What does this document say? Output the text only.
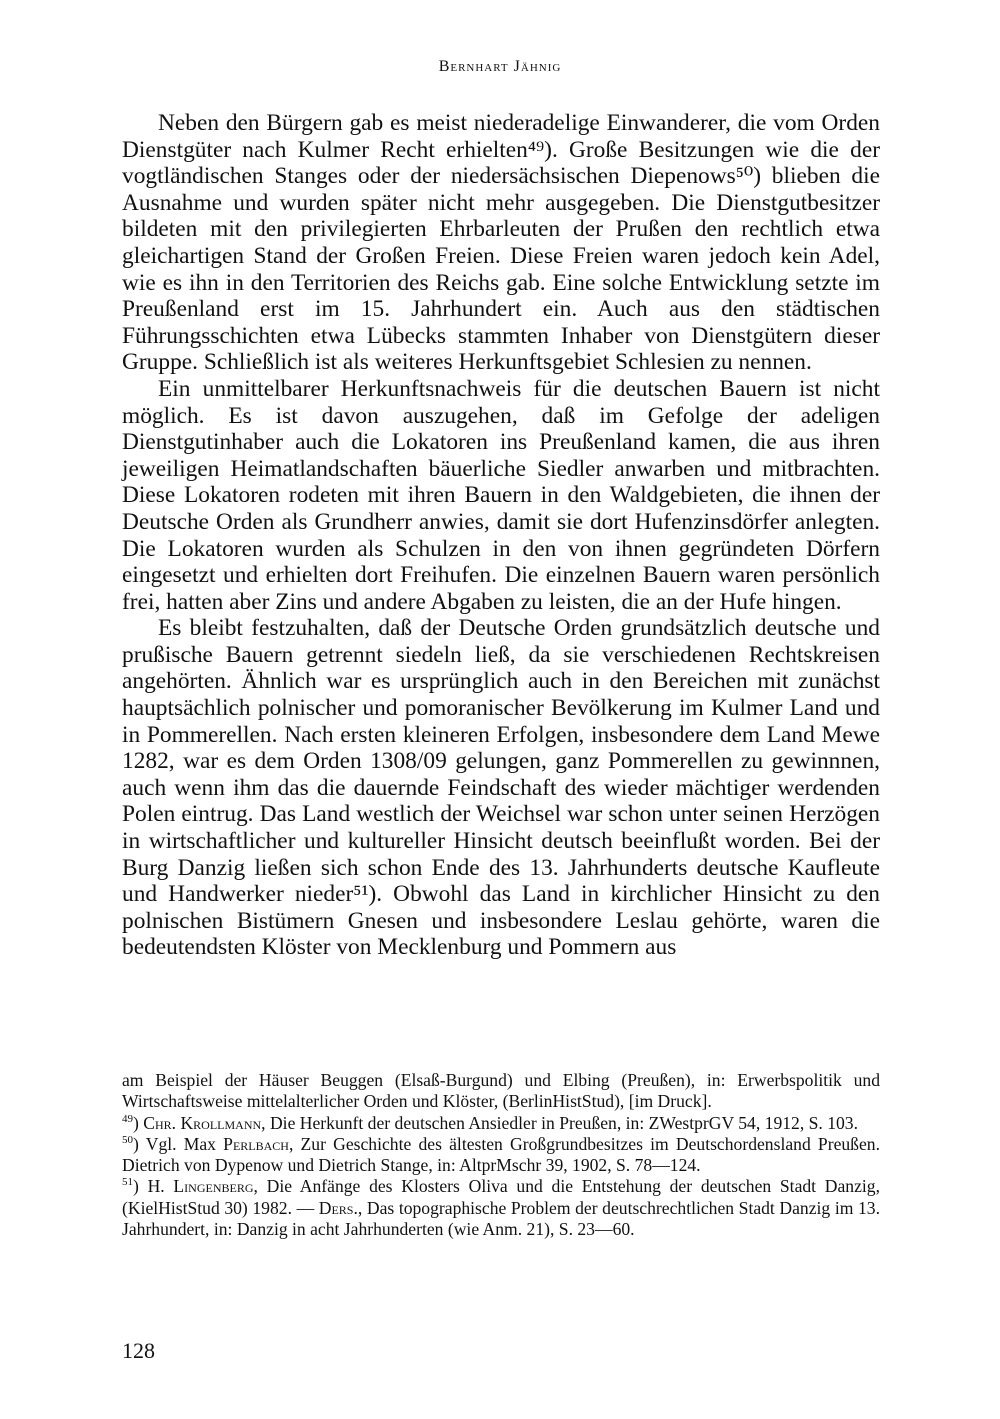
Bernhart Jähnig

Neben den Bürgern gab es meist niederadelige Einwanderer, die vom Orden Dienstgüter nach Kulmer Recht erhielten⁴⁹). Große Besitzungen wie die der vogtländischen Stanges oder der niedersächsischen Diepenows⁵⁰) blieben die Ausnahme und wurden später nicht mehr ausgegeben. Die Dienstgutbesitzer bildeten mit den privilegierten Ehrbarleuten der Prußen den rechtlich etwa gleichartigen Stand der Großen Freien. Diese Freien waren jedoch kein Adel, wie es ihn in den Territorien des Reichs gab. Eine solche Entwicklung setzte im Preußenland erst im 15. Jahrhundert ein. Auch aus den städtischen Führungsschichten etwa Lübecks stammten Inhaber von Dienstgütern dieser Gruppe. Schließlich ist als weiteres Herkunftsgebiet Schlesien zu nennen.

Ein unmittelbarer Herkunftsnachweis für die deutschen Bauern ist nicht möglich. Es ist davon auszugehen, daß im Gefolge der adeligen Dienstgutinhaber auch die Lokatoren ins Preußenland kamen, die aus ihren jeweiligen Heimatlandschaften bäuerliche Siedler anwarben und mitbrachten. Diese Lokatoren rodeten mit ihren Bauern in den Waldgebieten, die ihnen der Deutsche Orden als Grundherr anwies, damit sie dort Hufenzinsdörfer anlegten. Die Lokatoren wurden als Schulzen in den von ihnen gegründeten Dörfern eingesetzt und erhielten dort Freihufen. Die einzelnen Bauern waren persönlich frei, hatten aber Zins und andere Abgaben zu leisten, die an der Hufe hingen.

Es bleibt festzuhalten, daß der Deutsche Orden grundsätzlich deutsche und prußische Bauern getrennt siedeln ließ, da sie verschiedenen Rechtskreisen angehörten. Ähnlich war es ursprünglich auch in den Bereichen mit zunächst hauptsächlich polnischer und pomoranischer Bevölkerung im Kulmer Land und in Pommerellen. Nach ersten kleineren Erfolgen, insbesondere dem Land Mewe 1282, war es dem Orden 1308/09 gelungen, ganz Pommerellen zu gewinnnen, auch wenn ihm das die dauernde Feindschaft des wieder mächtiger werdenden Polen eintrug. Das Land westlich der Weichsel war schon unter seinen Herzögen in wirtschaftlicher und kultureller Hinsicht deutsch beeinflußt worden. Bei der Burg Danzig ließen sich schon Ende des 13. Jahrhunderts deutsche Kaufleute und Handwerker nieder⁵¹). Obwohl das Land in kirchlicher Hinsicht zu den polnischen Bistümern Gnesen und insbesondere Leslau gehörte, waren die bedeutendsten Klöster von Mecklenburg und Pommern aus

am Beispiel der Häuser Beuggen (Elsaß-Burgund) und Elbing (Preußen), in: Erwerbspolitik und Wirtschaftsweise mittelalterlicher Orden und Klöster, (BerlinHistStud), [im Druck].

$^{49}$) Chr. Krollmann, Die Herkunft der deutschen Ansiedler in Preußen, in: ZWestprGV 54, 1912, S. 103.

$^{50}$) Vgl. Max Perlbach, Zur Geschichte des ältesten Großgrundbesitzes im Deutschordensland Preußen. Dietrich von Dypenow und Dietrich Stange, in: AltprMschr 39, 1902, S. 78—124.

$^{51}$) H. Lingenberg, Die Anfänge des Klosters Oliva und die Entstehung der deutschen Stadt Danzig, (KielHistStud 30) 1982. — Ders., Das topographische Problem der deutschrechtlichen Stadt Danzig im 13. Jahrhundert, in: Danzig in acht Jahrhunderten (wie Anm. 21), S. 23—60.

128
